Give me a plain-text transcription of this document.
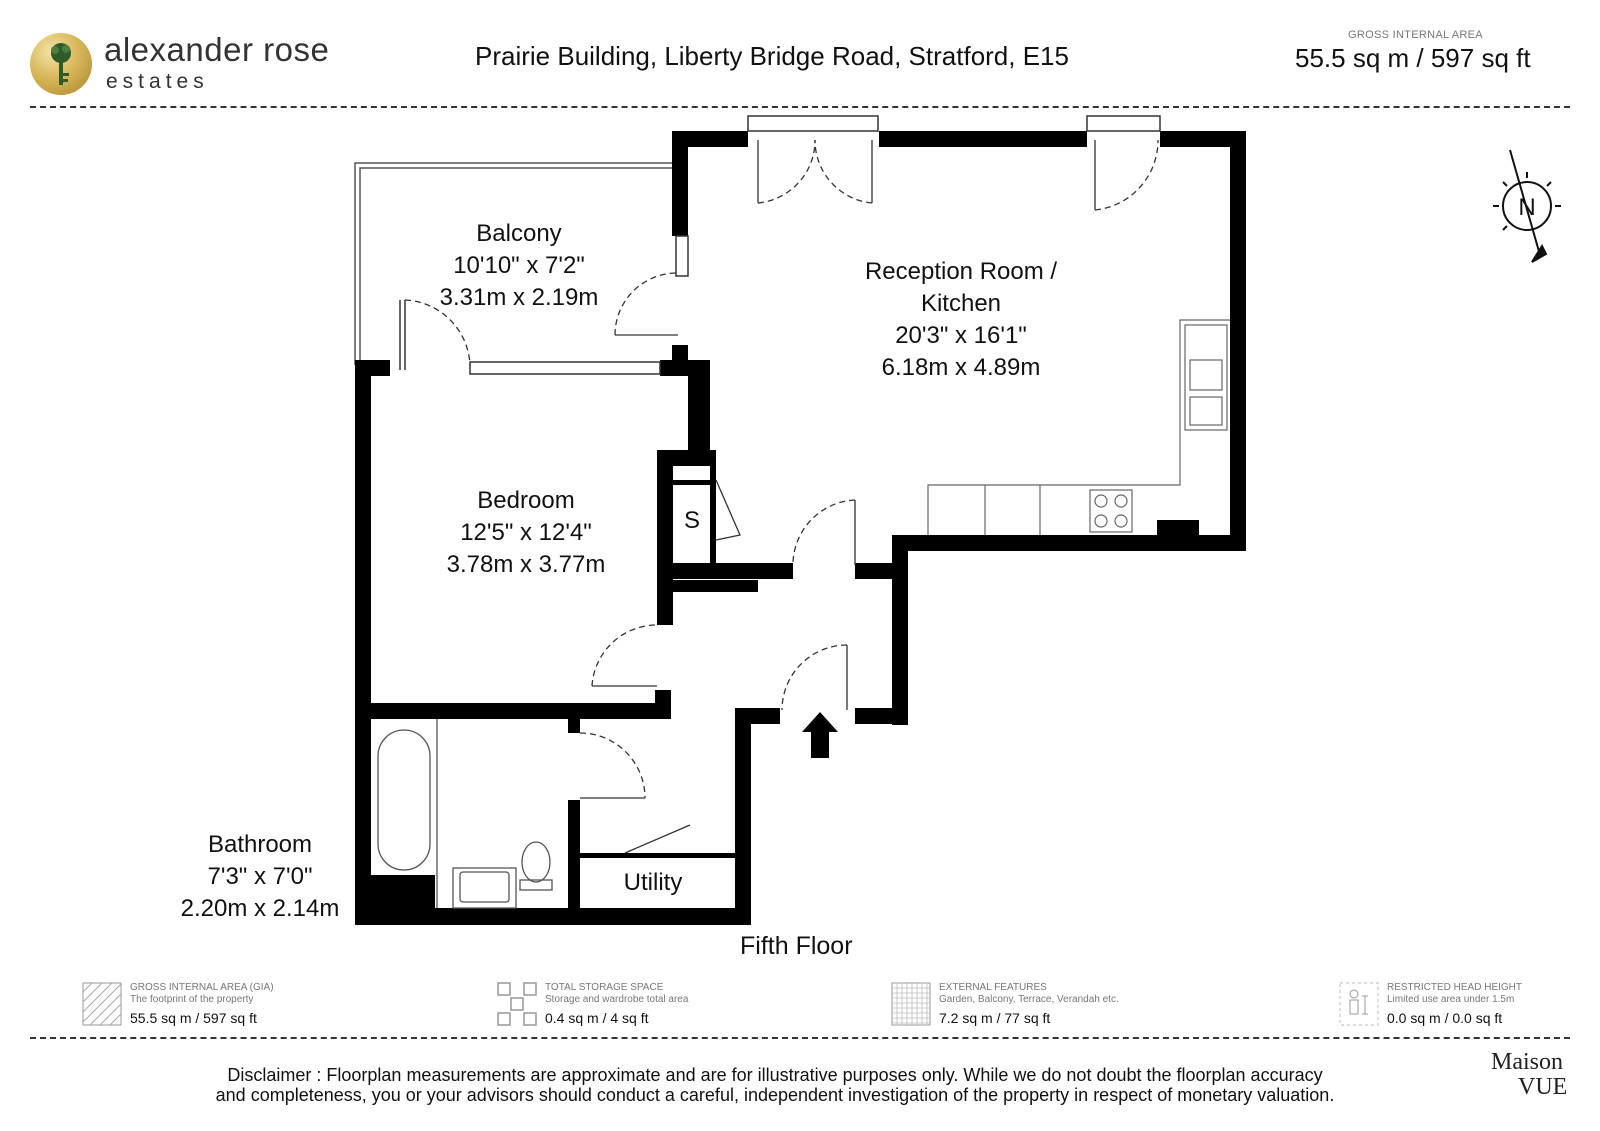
alexander rose
estates
Prairie Building, Liberty Bridge Road, Stratford, E15
GROSS INTERNAL AREA
55.5 sq m / 597 sq ft
N
Balcony
10'10" x 7'2"
3.31m x 2.19m
Reception Room /
Kitchen
20'3" x 16'1"
6.18m x 4.89m
Bedroom
12'5" x 12'4"
3.78m x 3.77m
S
Bathroom
7'3" x 7'0"
2.20m x 2.14m
Utility
Fifth Floor
GROSS INTERNAL AREA (GIA)
The footprint of the property
55.5 sq m / 597 sq ft
TOTAL STORAGE SPACE
Storage and wardrobe total area
0.4 sq m / 4 sq ft
EXTERNAL FEATURES
Garden, Balcony, Terrace, Verandah etc.
7.2 sq m / 77 sq ft
RESTRICTED HEAD HEIGHT
Limited use area under 1.5m
0.0 sq m / 0.0 sq ft
Disclaimer : Floorplan measurements are approximate and are for illustrative purposes only. While we do not doubt the floorplan accuracy
and completeness, you or your advisors should conduct a careful, independent investigation of the property in respect of monetary valuation.
Maison
VUE
